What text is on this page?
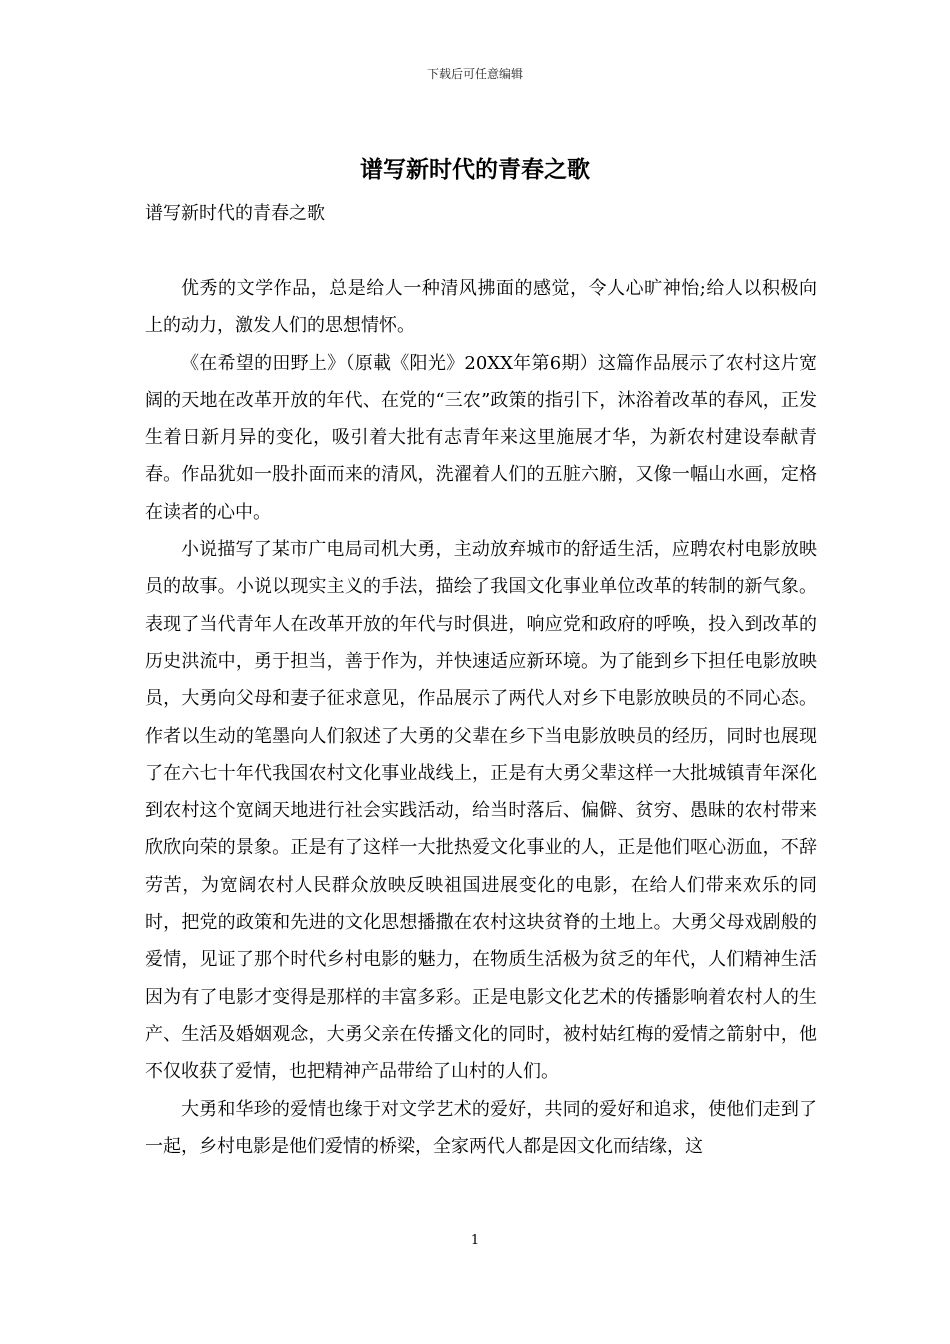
下载后可任意编辑
谱写新时代的青春之歌
谱写新时代的青春之歌

优秀的文学作品，总是给人一种清风拂面的感觉，令人心旷神怡;给人以积极向上的动力，激发人们的思想情怀。

《在希望的田野上》（原載《阳光》20XX年第6期）这篇作品展示了农村这片宽阔的天地在改革开放的年代、在党的“三农”政策的指引下，沐浴着改革的春风，正发生着日新月异的变化，吸引着大批有志青年来这里施展才华，为新农村建设奉献青春。作品犹如一股扑面而来的清风，洗濯着人们的五脏六腑，又像一幅山水画，定格在读者的心中。

小说描写了某市广电局司机大勇，主动放弃城市的舒适生活，应聘农村电影放映员的故事。小说以现实主义的手法，描绘了我国文化事业单位改革的转制的新气象。表现了当代青年人在改革开放的年代与时俱进，响应党和政府的呼唤，投入到改革的历史洪流中，勇于担当，善于作为，并快速适应新环境。为了能到乡下担任电影放映员，大勇向父母和妻子征求意见，作品展示了两代人对乡下电影放映员的不同心态。作者以生动的笔墨向人们叙述了大勇的父辈在乡下当电影放映员的经历，同时也展现了在六七十年代我国农村文化事业战线上，正是有大勇父辈这样一大批城镇青年深化到农村这个宽阔天地进行社会实践活动，给当时落后、偏僻、贫穷、愚昧的农村带来欣欣向荣的景象。正是有了这样一大批热爱文化事业的人，正是他们呕心沥血，不辞劳苦，为宽阔农村人民群众放映反映祖国进展变化的电影，在给人们带来欢乐的同时，把党的政策和先进的文化思想播撒在农村这块贫脊的土地上。大勇父母戏剧般的爱情，见证了那个时代乡村电影的魅力，在物质生活极为贫乏的年代，人们精神生活因为有了电影才变得是那样的丰富多彩。正是电影文化艺术的传播影响着农村人的生产、生活及婚姻观念，大勇父亲在传播文化的同时，被村姑红梅的爱情之箭射中，他不仅收获了爱情，也把精神产品带给了山村的人们。

大勇和华珍的爱情也缘于对文学艺术的爱好，共同的爱好和追求，使他们走到了一起，乡村电影是他们爱情的桥梁，全家两代人都是因文化而结缘，这

1
